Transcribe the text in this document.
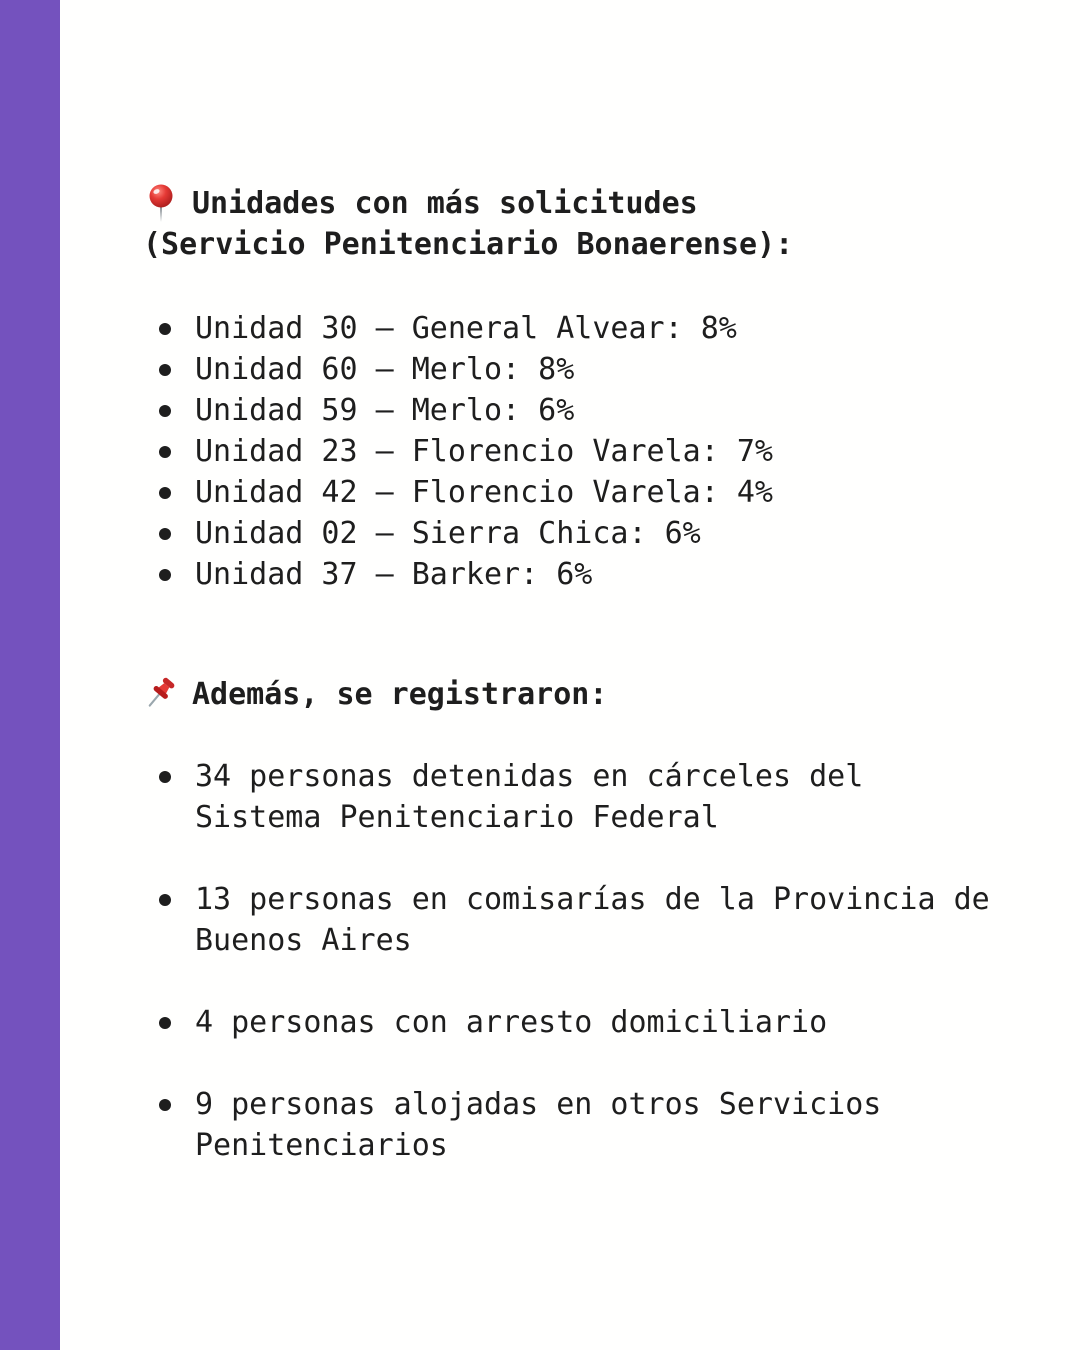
Unidades con más solicitudes
(Servicio Penitenciario Bonaerense):
Unidad 30 – General Alvear: 8%
Unidad 60 – Merlo: 8%
Unidad 59 – Merlo: 6%
Unidad 23 – Florencio Varela: 7%
Unidad 42 – Florencio Varela: 4%
Unidad 02 – Sierra Chica: 6%
Unidad 37 – Barker: 6%
Además, se registraron:
34 personas detenidas en cárceles del Sistema Penitenciario Federal
13 personas en comisarías de la Provincia de Buenos Aires
4 personas con arresto domiciliario
9 personas alojadas en otros Servicios Penitenciarios
